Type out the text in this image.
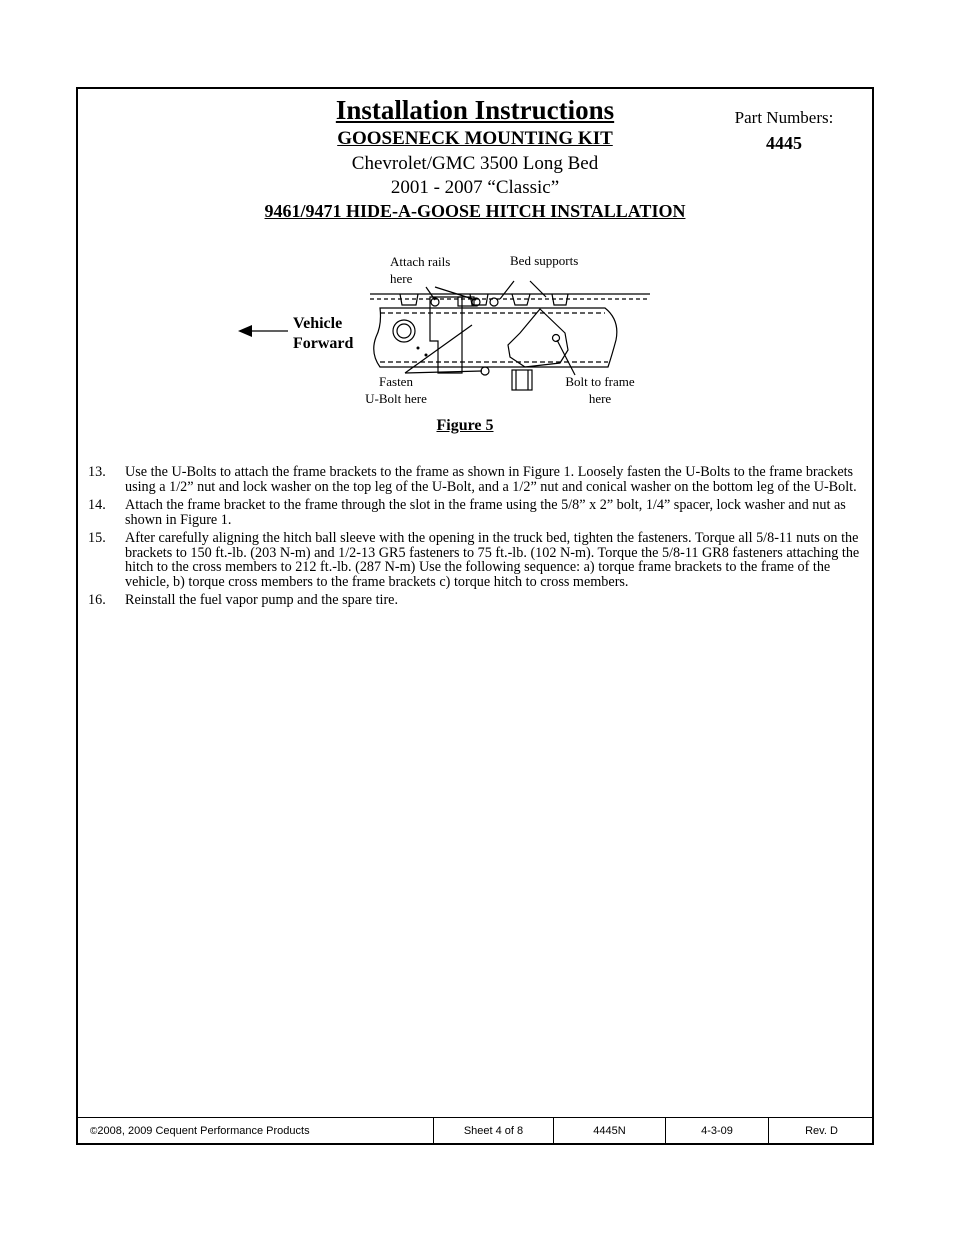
Installation Instructions
GOOSENECK MOUNTING KIT
Chevrolet/GMC 3500 Long Bed
2001 - 2007 “Classic”
9461/9471 HIDE-A-GOOSE HITCH INSTALLATION
Part Numbers:
4445
Attach rails
here
Bed supports
Vehicle
Forward
Fasten
U-Bolt here
Bolt to frame
here
Figure 5
13.	Use the U-Bolts to attach the frame brackets to the frame as shown in Figure 1. Loosely fasten the U-Bolts to the frame brackets using a 1/2” nut and lock washer on the top leg of the U-Bolt, and a 1/2” nut and conical washer on the bottom leg of the U-Bolt.
14.	Attach the frame bracket to the frame through the slot in the frame using the 5/8” x 2” bolt, 1/4” spacer, lock washer and nut as shown in Figure 1.
15.	After carefully aligning the hitch ball sleeve with the opening in the truck bed, tighten the fasteners. Torque all 5/8-11 nuts on the brackets to 150 ft.-lb. (203 N-m) and 1/2-13 GR5 fasteners to 75 ft.-lb. (102 N-m). Torque the 5/8-11 GR8 fasteners attaching the hitch to the cross members to 212 ft.-lb. (287 N-m) Use the following sequence: a) torque frame brackets to the frame of the vehicle, b) torque cross members to the frame brackets c) torque hitch to cross members.
16.	Reinstall the fuel vapor pump and the spare tire.
© 2008, 2009 Cequent Performance Products	Sheet 4 of 8	4445N	4-3-09	Rev. D
